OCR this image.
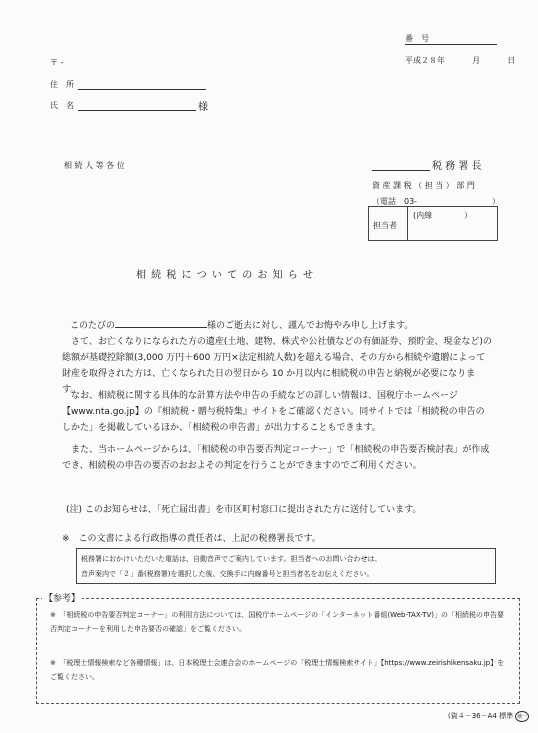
番　号
平成２８年	月	日
〒 -
住　所
氏　名	様
相 続 人 等 各 位	税 務 署 長
資 産 課 税 （ 担 当 ） 部 門
（電話　03-	）
担当者
(内線　　　　）
相 続 税 に つ い て の お 知 ら せ
このたびの	様のご逝去に対し、謹んでお悔やみ申し上げます。
さて、お亡くなりになられた方の遺産(土地、建物、株式や公社債などの有価証券、預貯金、現金など)の総額が基礎控除額(3,000 万円＋600 万円×法定相続人数)を超える場合、その方から相続や遺贈によって財産を取得された方は、亡くなられた日の翌日から 10 か月以内に相続税の申告と納税が必要になります。
なお、相続税に関する具体的な計算方法や申告の手続などの詳しい情報は、国税庁ホームページ【www.nta.go.jp】の『相続税・贈与税特集』サイトをご確認ください。同サイトでは「相続税の申告のしかた」を掲載しているほか、「相続税の申告書」が出力することもできます。
また、当ホームページからは、「相続税の申告要否判定コーナー」で「相続税の申告要否検討表」が作成でき、相続税の申告の要否のおおよその判定を行うことができますのでご利用ください。
(注) このお知らせは、「死亡届出書」を市区町村窓口に提出された方に送付しています。
※　この文書による行政指導の責任者は、上記の税務署長です。
税務署におかけいただいた電話は、自動音声でご案内しています。担当者へのお問い合わせは、
音声案内で「２」番(税務署)を選択した後、交換手に内線番号と担当者名をお伝えください。
【参考】
※　「相続税の申告要否判定コーナー」の利用方法については、国税庁ホームページの「インターネット番組(Web-TAX-TV)」の「相続税の申告要否判定コーナーを利用した申告要否の確認」をご覧ください。
※　「税理士情報検索など各種情報」は、日本税理士会連合会のホームページの「税理士情報検索サイト」【https://www.zeirishikensaku.jp】をご覧ください。
(資４－36－A4 標準 統一
